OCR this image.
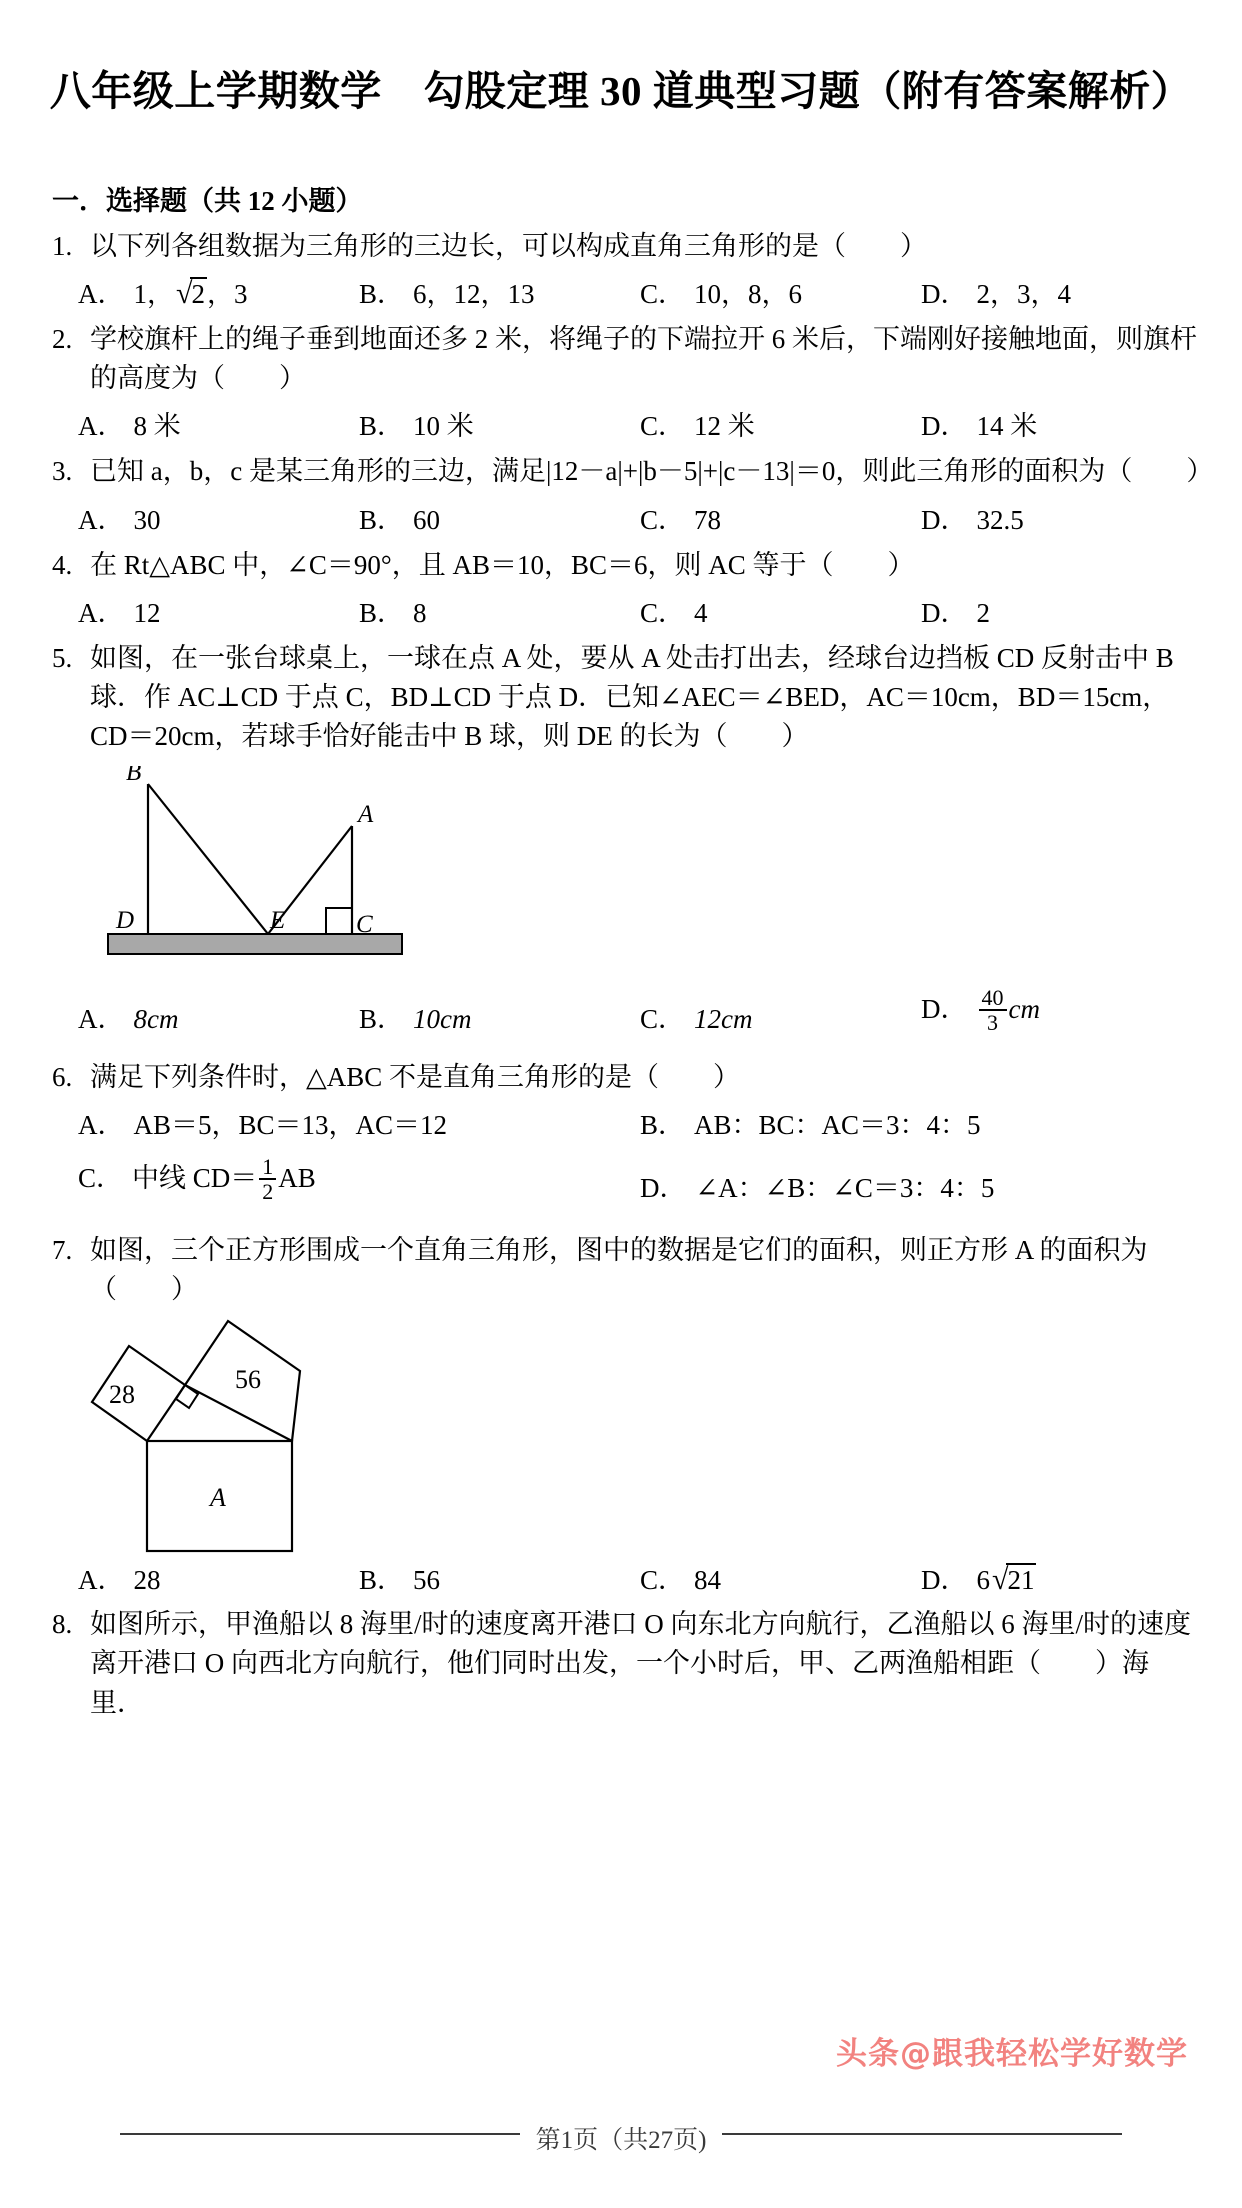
八年级上学期数学　勾股定理 30 道典型习题（附有答案解析）
一．选择题（共 12 小题）
1. 以下列各组数据为三角形的三边长，可以构成直角三角形的是（　　）
A． 1，√2，3	B． 6，12，13	C． 10，8，6	D． 2，3，4
2. 学校旗杆上的绳子垂到地面还多 2 米，将绳子的下端拉开 6 米后，下端刚好接触地面，则旗杆的高度为（　　）
A． 8 米	B． 10 米	C． 12 米	D． 14 米
3. 已知 a，b，c 是某三角形的三边，满足|12－a|+|b－5|+|c－13|＝0，则此三角形的面积为（　　）
A． 30	B． 60	C． 78	D． 32.5
4. 在 Rt△ABC 中，∠C＝90°，且 AB＝10，BC＝6，则 AC 等于（　　）
A． 12	B． 8	C． 4	D． 2
5. 如图，在一张台球桌上，一球在点 A 处，要从 A 处击打出去，经球台边挡板 CD 反射击中 B 球．作 AC⊥CD 于点 C，BD⊥CD 于点 D．已知∠AEC＝∠BED，AC＝10cm，BD＝15cm，CD＝20cm，若球手恰好能击中 B 球，则 DE 的长为（　　）
B
A
D	E	C
A． 8cm	B． 10cm	C． 12cm	D． $\frac{40}{3}$ cm
6. 满足下列条件时，△ABC 不是直角三角形的是（　　）
A． AB＝5，BC＝13，AC＝12	B． AB：BC：AC＝3：4：5
C． 中线 $CD= \frac{1}{2}$ AB	D． ∠A：∠B：∠C＝3：4：5
7. 如图，三个正方形围成一个直角三角形，图中的数据是它们的面积，则正方形 A 的面积为（　　）
28
56
A
A． 28	B． 56	C． 84	D． 6√21
8. 如图所示，甲渔船以 8 海里/时的速度离开港口 O 向东北方向航行，乙渔船以 6 海里/时的速度离开港口 O 向西北方向航行，他们同时出发，一个小时后，甲、乙两渔船相距（　　）海里．
头条@跟我轻松学好数学
第1页（共27页)
